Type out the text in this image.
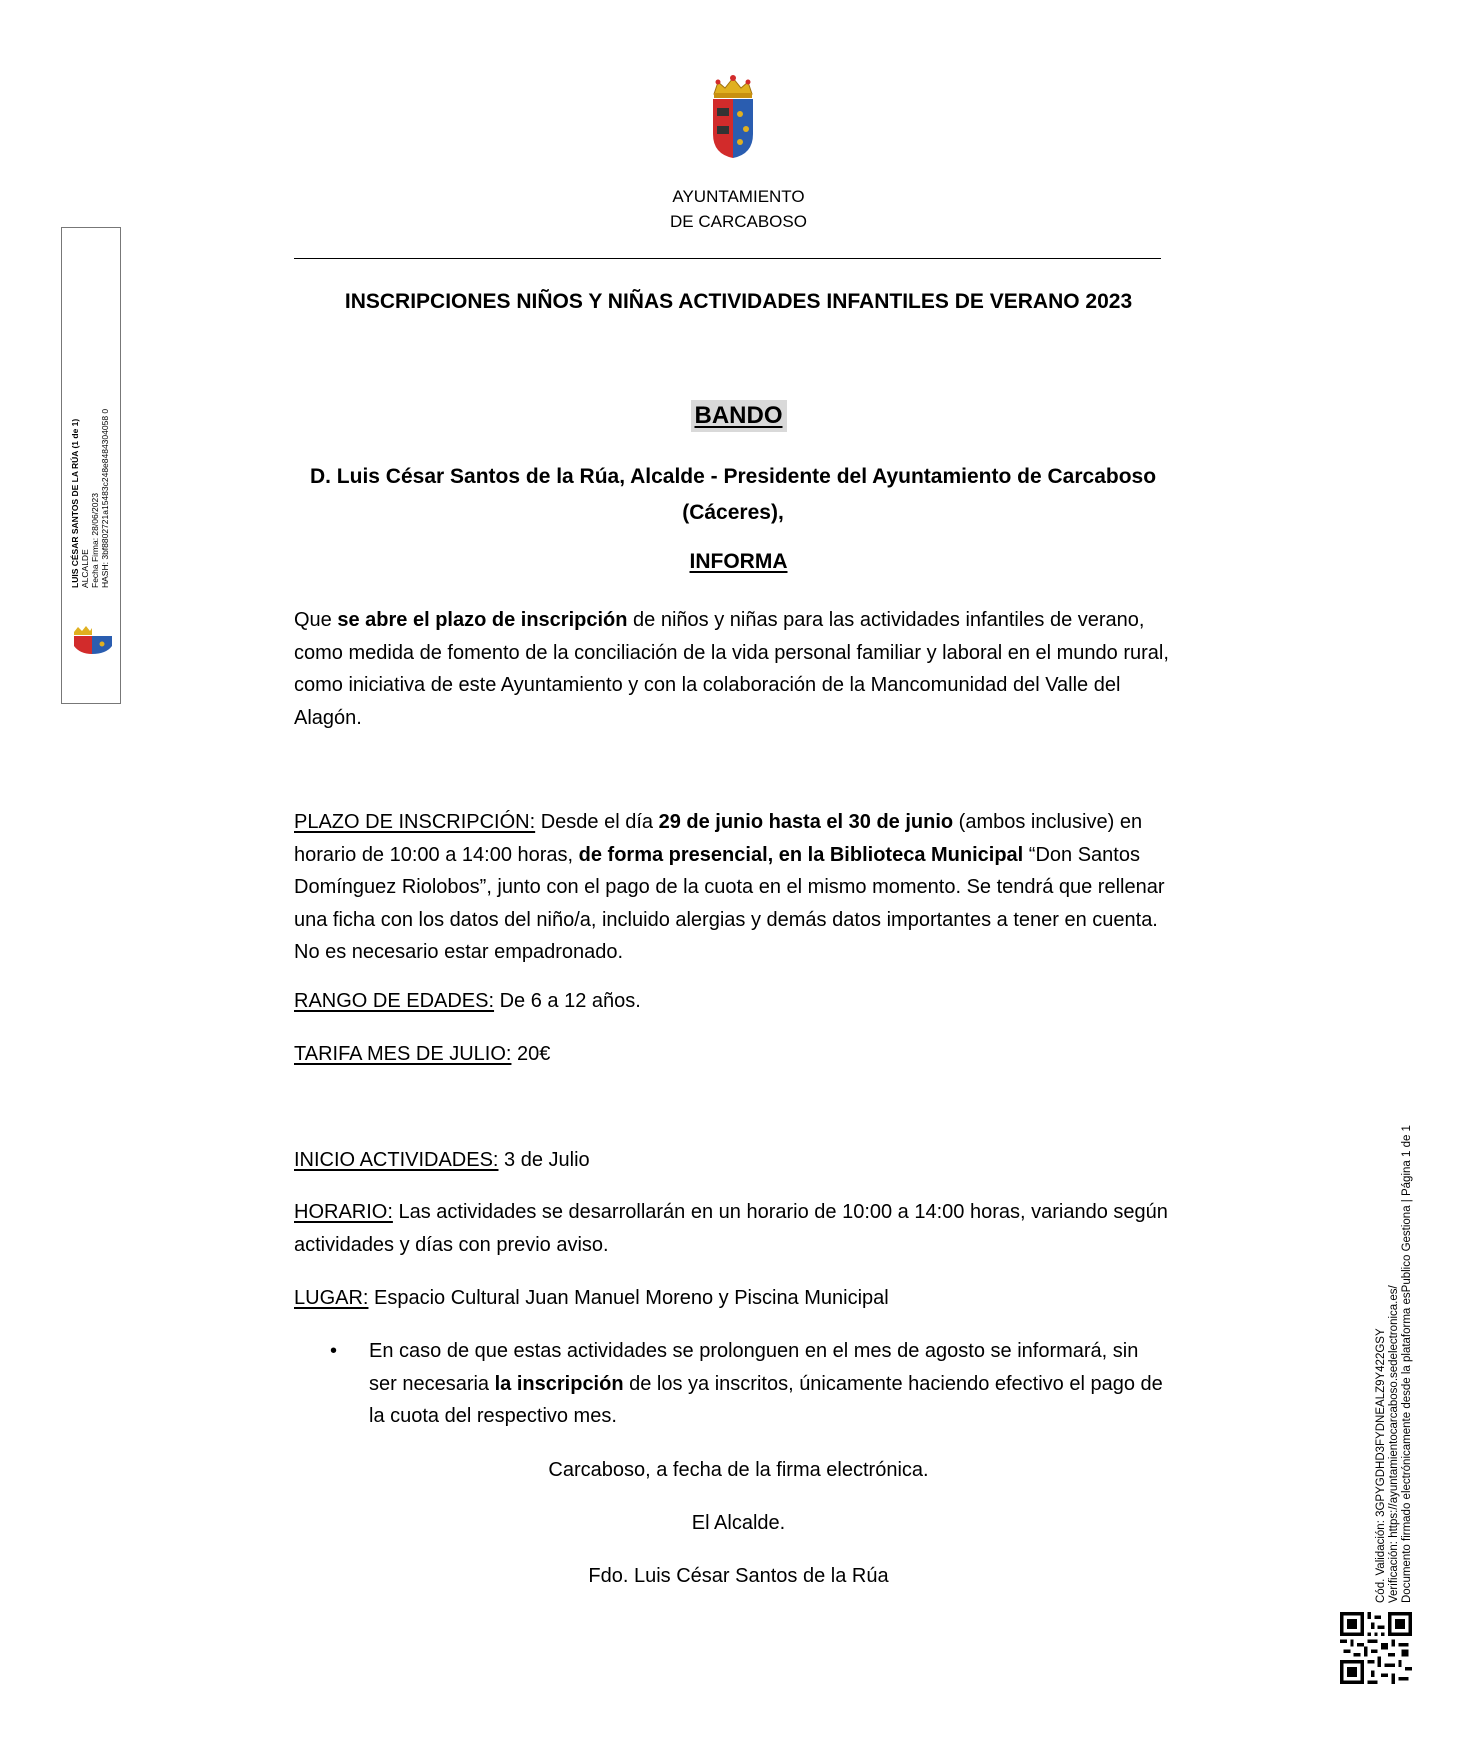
AYUNTAMIENTO
DE CARCABOSO
INSCRIPCIONES NIÑOS Y NIÑAS ACTIVIDADES INFANTILES DE VERANO 2023
BANDO
D. Luis César Santos de la Rúa, Alcalde - Presidente del Ayuntamiento de Carcaboso
(Cáceres),
INFORMA
Que se abre el plazo de inscripción de niños y niñas para las actividades infantiles de verano, como medida de fomento de la conciliación de la vida personal familiar y laboral en el mundo rural, como iniciativa de este Ayuntamiento y con la colaboración de la Mancomunidad del Valle del Alagón.
PLAZO DE INSCRIPCIÓN: Desde el día 29 de junio hasta el 30 de junio (ambos inclusive) en horario de 10:00 a 14:00 horas, de forma presencial, en la Biblioteca Municipal “Don Santos Domínguez Riolobos”, junto con el pago de la cuota en el mismo momento. Se tendrá que rellenar una ficha con los datos del niño/a, incluido alergias y demás datos importantes a tener en cuenta. No es necesario estar empadronado.
RANGO DE EDADES: De 6 a 12 años.
TARIFA MES DE JULIO: 20€
INICIO ACTIVIDADES: 3 de Julio
HORARIO: Las actividades se desarrollarán en un horario de 10:00 a 14:00 horas, variando según actividades y días con previo aviso.
LUGAR: Espacio Cultural Juan Manuel Moreno y Piscina Municipal
• En caso de que estas actividades se prolonguen en el mes de agosto se informará, sin ser necesaria la inscripción de los ya inscritos, únicamente haciendo efectivo el pago de la cuota del respectivo mes.
Carcaboso, a fecha de la firma electrónica.
El Alcalde.
Fdo. Luis César Santos de la Rúa
LUIS CÉSAR SANTOS DE LA RÚA (1 de 1) ALCALDE Fecha Firma: 28/06/2023 HASH: 3bf8802721a15483c248e8484304058 0
Cód. Validación: 3GPYGDHD3FYDNEALZ9Y422GSY Verificación: https://ayuntamientocarcaboso.sedelectronica.es/ Documento firmado electrónicamente desde la plataforma esPublico Gestiona | Página 1 de 1
